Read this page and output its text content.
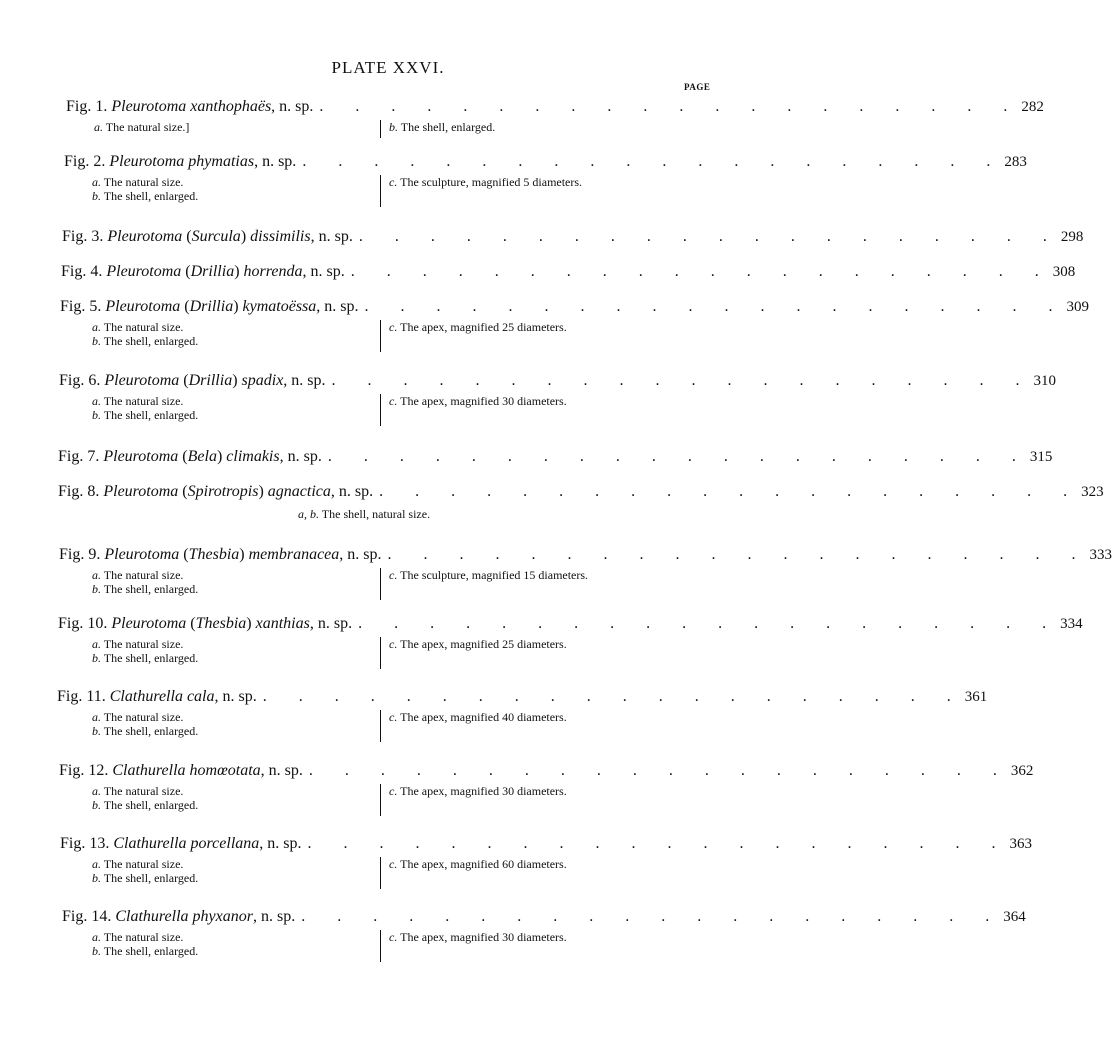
PLATE XXVI.
PAGE
Fig. 1. Pleurotoma xanthophaës, n. sp. . . . . . . . . . . . . . . . . . . . . 282
a. The natural size.]	b. The shell, enlarged.
Fig. 2. Pleurotoma phymatias, n. sp. . . . . . . . . . . . . . . . . . . . . 283
a. The natural size.
b. The shell, enlarged.
c. The sculpture, magnified 5 diameters.
Fig. 3. Pleurotoma (Surcula) dissimilis, n. sp. . . . . . . . . . . . . . . . . . . . . 298
Fig. 4. Pleurotoma (Drillia) horrenda, n. sp. . . . . . . . . . . . . . . . . . . . . 308
Fig. 5. Pleurotoma (Drillia) kymatoëssa, n. sp. . . . . . . . . . . . . . . . . . . . . 309
a. The natural size.
b. The shell, enlarged.
c. The apex, magnified 25 diameters.
Fig. 6. Pleurotoma (Drillia) spadix, n. sp. . . . . . . . . . . . . . . . . . . . . 310
a. The natural size.
b. The shell, enlarged.
c. The apex, magnified 30 diameters.
Fig. 7. Pleurotoma (Bela) climakis, n. sp. . . . . . . . . . . . . . . . . . . . . 315
Fig. 8. Pleurotoma (Spirotropis) agnactica, n. sp. . . . . . . . . . . . . . . . . . . . . 323
a, b. The shell, natural size.
Fig. 9. Pleurotoma (Thesbia) membranacea, n. sp. . . . . . . . . . . . . . . . . . . . . 333
a. The natural size.
b. The shell, enlarged.
c. The sculpture, magnified 15 diameters.
Fig. 10. Pleurotoma (Thesbia) xanthias, n. sp. . . . . . . . . . . . . . . . . . . . . 334
a. The natural size.
b. The shell, enlarged.
c. The apex, magnified 25 diameters.
Fig. 11. Clathurella cala, n. sp. . . . . . . . . . . . . . . . . . . . . 361
a. The natural size.
b. The shell, enlarged.
c. The apex, magnified 40 diameters.
Fig. 12. Clathurella homœotata, n. sp. . . . . . . . . . . . . . . . . . . . . 362
a. The natural size.
b. The shell, enlarged.
c. The apex, magnified 30 diameters.
Fig. 13. Clathurella porcellana, n. sp. . . . . . . . . . . . . . . . . . . . . 363
a. The natural size.
b. The shell, enlarged.
c. The apex, magnified 60 diameters.
Fig. 14. Clathurella phyxanor, n. sp. . . . . . . . . . . . . . . . . . . . . 364
a. The natural size.
b. The shell, enlarged.
c. The apex, magnified 30 diameters.
